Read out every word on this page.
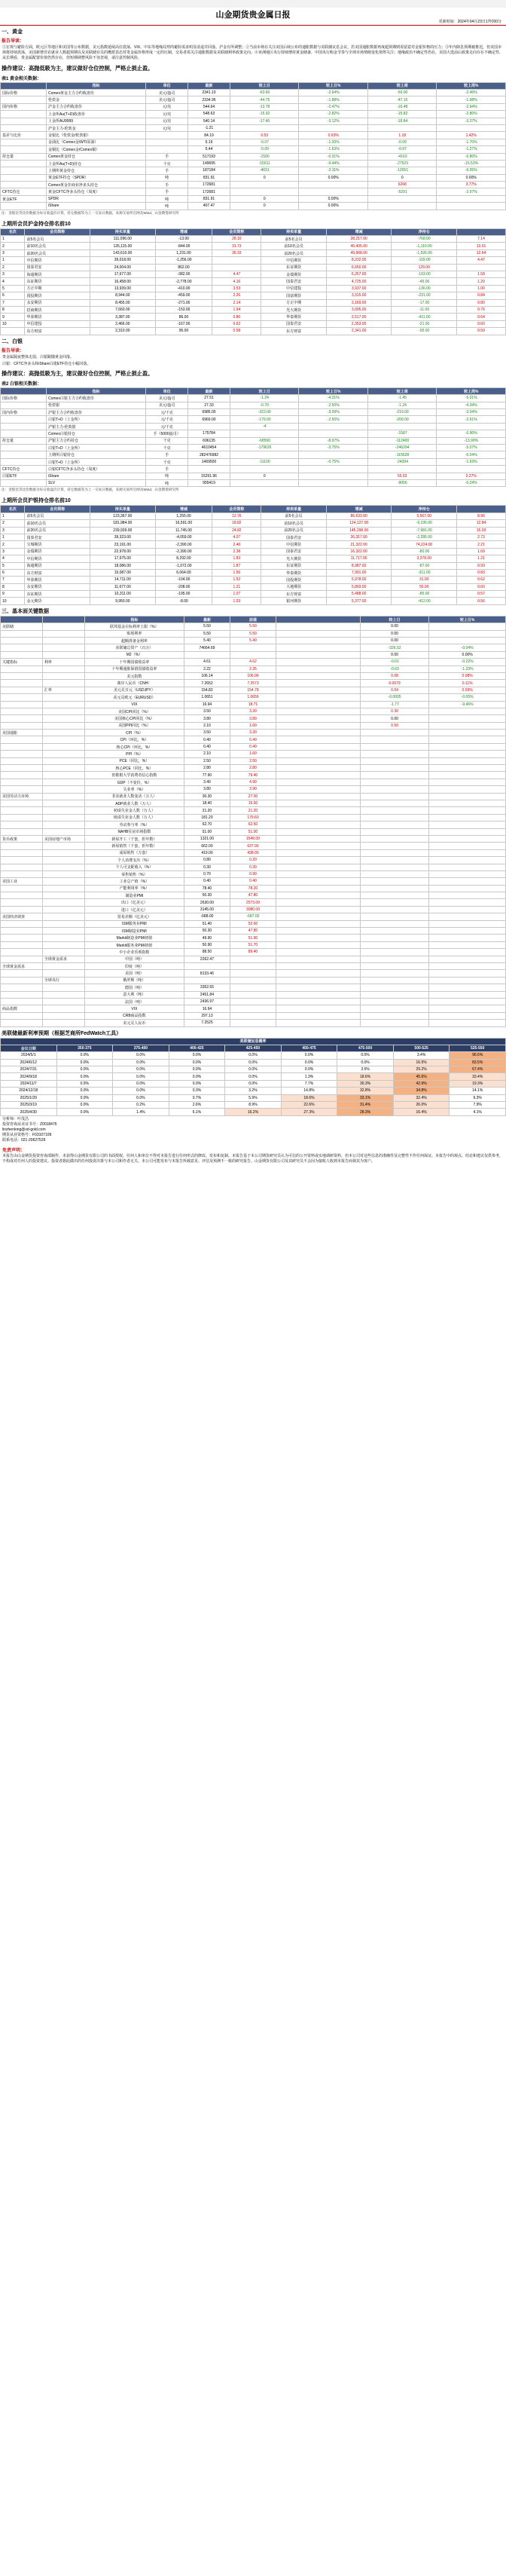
山金期货贵金属日报
更新时间：2024年04月23日17时00分
一、黄金
报告导读：
①宏观与避险方面，欧元区等地区和美国等公布数据，美元指数延续高位震荡，VIX、中东等地缘局势的避险需求明显消退并回落。沪金有所调整；②当前市场在关注美国后续公布的通胀数据与美联储议息会议，若美国通胀数据再度超预期则需留意对金银价格的压力；③年内降息预期被推迟，但美国市场将持续震荡，美国新增非农就业人数超预期以及美联储官员的鹰派表态对贵金属价格形成一定的压制，交易者需关注通胀数据及美联储利率政策走向。④亚洲地区央行持续增持黄金储备，中国央行购金节奏与全球市场情绪变化值得关注；地缘政治不确定性仍在，美国大选前后政策走向存在不确定性，从长期看，贵金属配置价值仍然存在，但短期调整风险不容忽视，请注意控制风险。
操作建议：高抛低吸为主，建议做好仓位控制，严格止损止盈。
表1 黄金相关数据：
	指标	单位	最新	较上日	较上日%	较上周	较上周%
国际价格	Comex黄金主力合约收盘价	美元/盎司	2341.10	-63.60	-2.64%	-59.00	-2.46%
	伦敦金	美元/盎司	2334.95	-44.75	-1.88%	-47.15	-1.98%
国内价格	沪金主力合约收盘价	元/克	544.64	-13.78	-2.47%	-16.48	-2.94%
	上金所Au(T+D)收盘价	元/克	548.63	-15.92	-2.82%	-15.82	-2.80%
	上金所AU9999	元/克	540.14	-17.40	-3.12%	-18.84	-3.37%
	沪金主力-伦敦金	元/克	-1.21				
基差与比价	金银比（伦敦金/伦敦银）		84.19	0.53	0.63%	1.18	1.42%
	金油比（Comex金/WTI原油）		5.19	-0.07	-1.33%	-0.09	-1.70%
	金铜比（Comex金/Comex铜）		5.44	-0.09	-1.63%	-0.07	-1.27%
持仓量	Comex黄金持仓	手	517193	-1590	-0.31%	-4163	-0.80%
	上金所Au(T+D)持仓	千克	149695	-15611	-9.44%	-27523	-15.53%
	上期所黄金持仓	手	187184	-4031	-2.11%	-12051	-6.05%
	黄金ETF持仓（SPDR）	吨	831.91	0	0.00%	0	0.00%
	Comex黄金非商业净多头持仓	手	172681			6268	3.77%
CFTC持仓	黄金CFTC净多头持仓（周度）	手	172681			-5291	-2.97%
黄金ETF	SPDR	吨	831.91	0	0.00%		
	iShare	吨	407.47	0	0.00%		
注：金银比等比价数据为每日收盘价计算，持仓数据等为上一交易日数据，来源交易所官网及Wind、山金期货研究所
上期所会员沪金持仓排名前10
名次	会员简称	持买单量	增减	会员简称	持卖单量	增减	净持仓	
1	前5名会员	111,096.00	-13.00	28.10	前5名会员	28,217.00	-768.00	7.14
2	前10名会员	126,115.00	-844.00	31.73	前10名会员	40,405.00	-1,110.00	13.01
3	前20名会员	143,610.00	1,231.00	36.33	前20名会员	49,968.00	-1,526.00	12.64
1	中信期货	39,018.00	-1,256.00		中信期货	8,232.00	-119.00	4.47
2	国泰君安	24,004.00	862.00		东证期货	6,650.00	129.00	
3	海通期货	17,677.00	-382.00	4.47	金瑞期货	6,257.00	-193.00	1.58
4	东证期货	16,458.00	-2,778.00	4.16	国泰君安	4,725.00	-45.00	1.20
5	方正中期	13,939.00	-410.00	3.53	中信建投	3,937.00	-136.00	1.00
6	国投期货	8,944.00	-459.00	2.26	国富期货	3,315.00	-231.00	0.84
7	永安期货	8,455.00	-271.00	2.14	方正中期	3,169.00	-17.00	0.80
8	招商期货	7,660.00	-153.00	1.94	光大期货	3,005.00	-11.00	0.76
9	华泰期货	3,387.00	86.00	0.86	华泰期货	2,517.00	-411.00	0.64
10	中信建投	2,466.00	-167.00	0.62	国泰君安	2,353.00	-21.00	0.60
	东方财富	2,310.00	95.00	0.58	东方财富	2,341.00	-95.00	0.59
二、白银
报告导读：
贵金属隔夜整体走弱，白银跟随黄金回落。
白银：CFTC净多头和iShare白银ETF持仓小幅回落。
操作建议：高抛低吸为主，建议做好仓位控制，严格止损止盈。
表2 白银相关数据：
	指标	单位	最新	较上日	较上日%	较上周	较上周%
国际价格	Comex白银主力合约收盘价	美元/盎司	27.51	-1.24	-4.31%	-1.45	-5.01%
	伦敦银	美元/盎司	27.33	-0.70	-2.50%	-1.24	-4.34%
国内价格	沪银主力合约收盘价	元/千克	6985.00	-223.00	-3.09%	-219.00	-3.04%
	白银T+D（上金所）	元/千克	6969.00	-179.00	-2.50%	-209.00	-2.91%
	沪银主力-伦敦银	元/千克		-4			
	Comex白银持仓	手（5000盎司）	175784			-1587	-0.90%
持仓量	沪银主力合约持仓	千克	696135	-68590	-8.97%	-112400	-13.90%
	白银T+D（上金所）	千克	4610454	-179626	-3.75%	-246294	-5.07%
	上期所白银持仓	手	282476982			-115628	-0.04%
	白银T+D（上金所）	千克	1469500	-11100	-0.75%	-24394	-1.63%
CFTC持仓	白银CFTC净多头持仓（周度）	手					
白银ETF	iShare	吨	15291.96	0		55.53	0.27%
	SLV	吨	955419			-9056	-0.24%
注：金银比等比价数据为每日收盘价计算，持仓数据等为上一交易日数据，来源交易所官网及Wind、山金期货研究所
上期所会员沪银持仓排名前10
名次	会员简称	持买单量	增减	会员简称	持卖单量	增减	净持仓	
1	前5名会员	123,367.00	1,255.00	12.76	前5名会员	86,633.00	5,567.00	8.96
2	前10名会员	181,984.00	16,591.00	18.82	前10名会员	124,127.00	-9,195.00	12.84
3	前20名会员	239,939.00	11,745.00	24.82	前20名会员	145,298.00	-7,981.00	15.03
1	国泰君安	39,323.00	-4,059.00	4.07	国泰君安	26,317.00	-2,285.00	2.72
2	宝城期货	23,191.00	-2,390.00	2.40	中信期货	21,322.00	74,224.00	2.21
3	金瑞期货	22,978.00	-2,390.00	2.38	国泰君安	16,322.00	-80.00	1.69
4	中信期货	17,675.00	8,292.00	1.83	光大期货	11,717.00	3,378.00	1.21
5	海通期货	18,086.00	-1,072.00	1.87	东证期货	8,987.00	-87.00	0.93
6	东方财富	15,087.00	6,064.00	1.56	华泰期货	7,991.00	-311.00	0.83
7	华泰期货	14,711.00	-104.00	1.52	国投期货	5,978.00	31.00	0.62
8	永安期货	11,677.00	-208.00	1.21	大地期货	5,803.00	55.00	0.60
9	东证期货	10,311.00	-195.00	1.07	东方财富	5,488.00	-85.00	0.57
10	金元期货	9,950.00	-8.00	1.03	银河期货	5,377.00	-412.00	0.56
三、基本面关键数据
		指标	最新	前值		较上日	较上日%
美联储		联邦基金目标利率上限（%）	5.50	5.50		0.00	
		贴现利率	5.50	5.50		0.00	
		超额准备金利率	5.40	5.40		0.00	
		美联储总资产（百万）	74664.69			-326.52	-0.04%
		M2（%）				0.00	0.00%
关键指标	利率	十年期国债收益率	4.61	4.62		-0.01	-0.22%
		十年期通胀保值国债收益率	2.22	2.25		-0.03	-1.33%
		美元指数	106.14	106.06		0.08	0.08%
		离岸人民币（CNH）	7.2652	7.2573		0.0079	0.11%
	汇率	美元兑日元（USDJPY）	154.82	154.78		0.04	0.03%
		美元兑欧元（EURUSD）	1.0651	1.0656		-0.0005	-0.05%
		VIX	16.94	18.71		-1.77	-9.46%
		美国CPI同比（%）	3.50	3.20		0.30	
		美国核心CPI同比（%）	3.80	3.80		0.00	
		美国PPI同比（%）	2.10	1.60		0.50	
美国通胀		CPI（%）	3.50	3.20			
		CPI（环比，%）	0.40	0.40			
		核心CPI（环比，%）	0.40	0.40			
		PPI（%）	2.10	1.60			
		PCE（同比，%）	2.50	2.50			
		核心PCE（同比，%）	2.80	2.80			
		密歇根大学消费者信心指数	77.90	79.40			
		GDP（不变价，%）	3.40	4.90			
		失业率（%）	3.80	3.90			
美国劳动力市场		非农就业人数变动（万人）	30.30	27.00			
		ADP就业人数（万人）	18.40	15.50			
		初请失业金人数（万人）	21.20	21.20			
		续请失业金人数（万人）	181.20	179.60			
		劳动参与率（%）	62.70	62.50			
		NAHB住房市场指数	51.00	51.00			
货币政策	美国房地产市场	新屋开工（千套，折年数）	1321.00	1549.00			
		新屋销售（千套，折年数）	662.00	637.00			
		成屋销售（万套）	419.00	438.00			
		个人消费支出（%）	0.80	0.20			
		个人可支配收入（%）	0.30	0.30			
		零售销售（%）	0.70	0.90			
美国工业		工业总产值（%）	0.40	0.40			
		产能利用率（%）	78.40	78.20			
		制造业PMI	50.30	47.80			
		出口（亿美元）	2630.00	2573.00			
		进口（亿美元）	3145.00	3080.00			
美国经济调查		贸易差额（亿美元）	-688.00	-687.00			
		ISM服务业PMI	51.40	52.60			
		ISM制造业PMI	50.30	47.80			
		Markit制造业PMI初值	49.90	51.90			
		Markit服务业PMI初值	50.90	51.70			
		中小企业乐观指数	88.50	89.40			
	全球黄金需求	中国（吨）	2262.47				
全球黄金需求		印度（吨）					
		美国（吨）	8133.46				
	全球央行	俄罗斯（吨）					
		德国（吨）	3352.65				
		意大利（吨）	2451.84				
		法国（吨）	2436.97				
商品指数		VIX	16.94				
		CRB商品指数	297.13				
		美元兑人民币	7.2525				
美联储最新利率预期（根据芝商所FedWatch工具）
美联储加息概率								
会议日期	350-375	375-400	400-425	425-450	450-475	475-500	500-525	525-550
2024/5/1	0.0%	0.0%	0.0%	0.0%	0.0%	0.0%	3.4%	96.6%
2024/6/12	0.0%	0.0%	0.0%	0.0%	0.0%	0.0%	16.5%	83.5%
2024/7/31	0.0%	0.0%	0.0%	0.0%	0.0%	3.5%	29.2%	67.4%
2024/9/18	0.0%	0.0%	0.0%	0.0%	1.3%	18.6%	45.6%	33.4%
2024/11/7	0.0%	0.0%	0.0%	0.0%	7.7%	30.3%	42.9%	19.3%
2024/12/18	0.0%	0.0%	0.3%	3.2%	14.8%	32.8%	34.8%	14.1%
2025/1/29	0.0%	0.0%	0.7%	5.9%	18.6%	33.1%	32.4%	9.3%
2025/3/19	0.0%	0.2%	2.6%	8.9%	22.6%	31.4%	26.0%	7.9%
2025/4/30	0.0%	1.4%	6.1%	16.2%	27.3%	28.3%	16.4%	4.1%
分析师：叶茂昌
投资咨询从业证书号：Z0018476
linzhenlong@sd-gold.com
期货从业资格号：F03107109
联系电话：021-20627529
免责声明：
本报告由山金期货投资咨询部制作，未获得山金期货有限公司的书面授权，任何人和单位不得对本报告进行任何形式的修改、发布和复制。本报告基于本公司期货研究员认为可信的公开资料或实地调研资料，但本公司对这些信息的准确性及完整性不作任何保证。本报告中的观点、结论和建议仅供参考，不构成对任何人的投资建议。投资者据此做出的任何投资决策与本公司和作者无关。本公司可能发布与本报告所载意见、评估及预测不一致的研究报告。山金期货有限公司及其研究员不会因为接收人收到本报告而视其为客户。
